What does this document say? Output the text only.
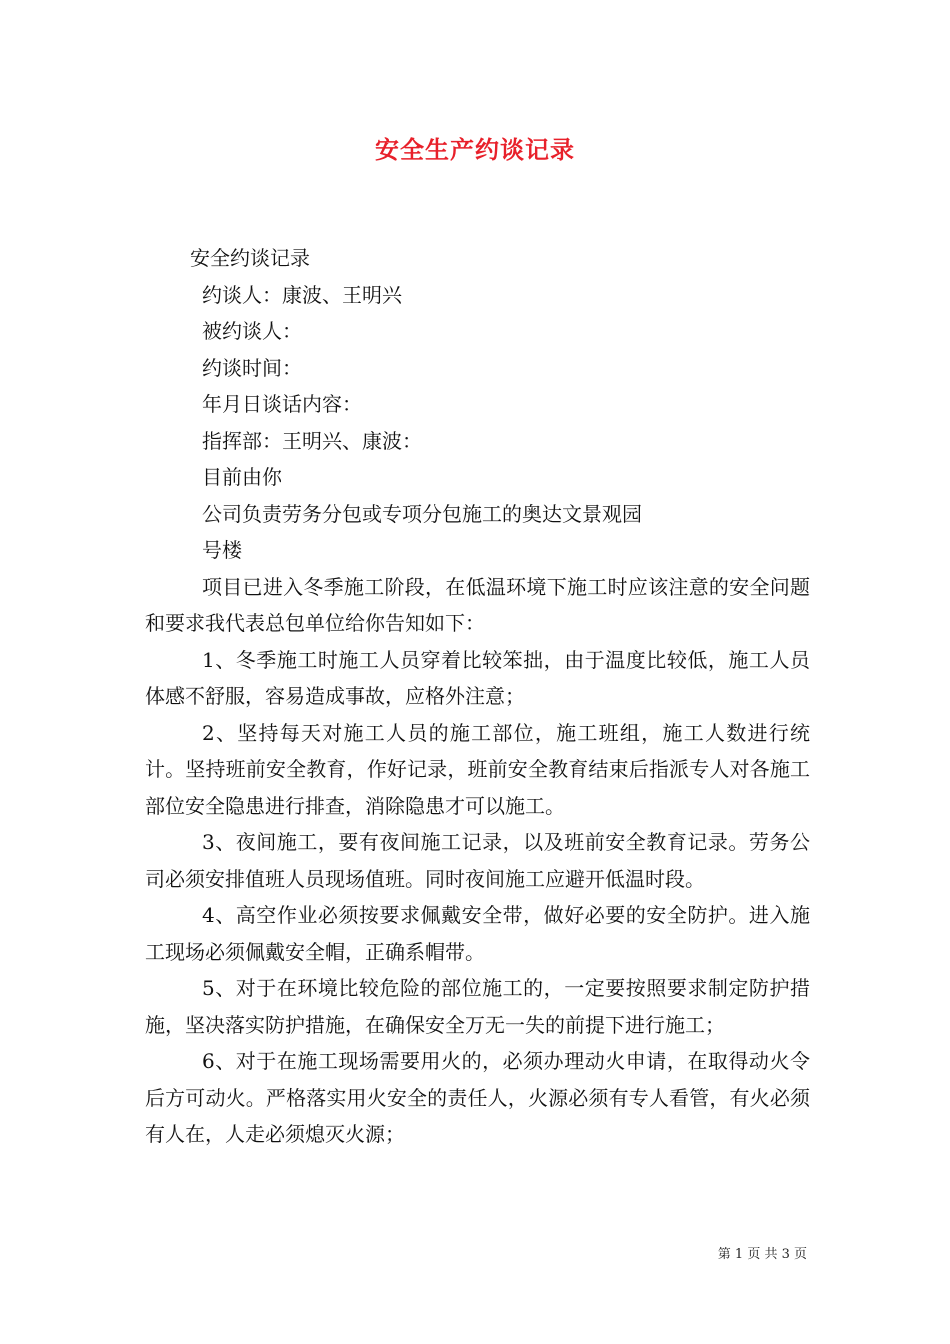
安全生产约谈记录
安全约谈记录
约谈人：康波、王明兴
被约谈人：
约谈时间：
年月日谈话内容：
指挥部：王明兴、康波：
目前由你
公司负责劳务分包或专项分包施工的奥达文景观园
号楼

项目已进入冬季施工阶段，在低温环境下施工时应该注意的安全问题和要求我代表总包单位给你告知如下：

1、冬季施工时施工人员穿着比较笨拙，由于温度比较低，施工人员体感不舒服，容易造成事故，应格外注意；

2、坚持每天对施工人员的施工部位，施工班组，施工人数进行统计。坚持班前安全教育，作好记录，班前安全教育结束后指派专人对各施工部位安全隐患进行排查，消除隐患才可以施工。

3、夜间施工，要有夜间施工记录，以及班前安全教育记录。劳务公司必须安排值班人员现场值班。同时夜间施工应避开低温时段。

4、高空作业必须按要求佩戴安全带，做好必要的安全防护。进入施工现场必须佩戴安全帽，正确系帽带。

5、对于在环境比较危险的部位施工的，一定要按照要求制定防护措施，坚决落实防护措施，在确保安全万无一失的前提下进行施工；

6、对于在施工现场需要用火的，必须办理动火申请，在取得动火令后方可动火。严格落实用火安全的责任人，火源必须有专人看管，有火必须有人在，人走必须熄灭火源；

第 1 页 共 3 页
